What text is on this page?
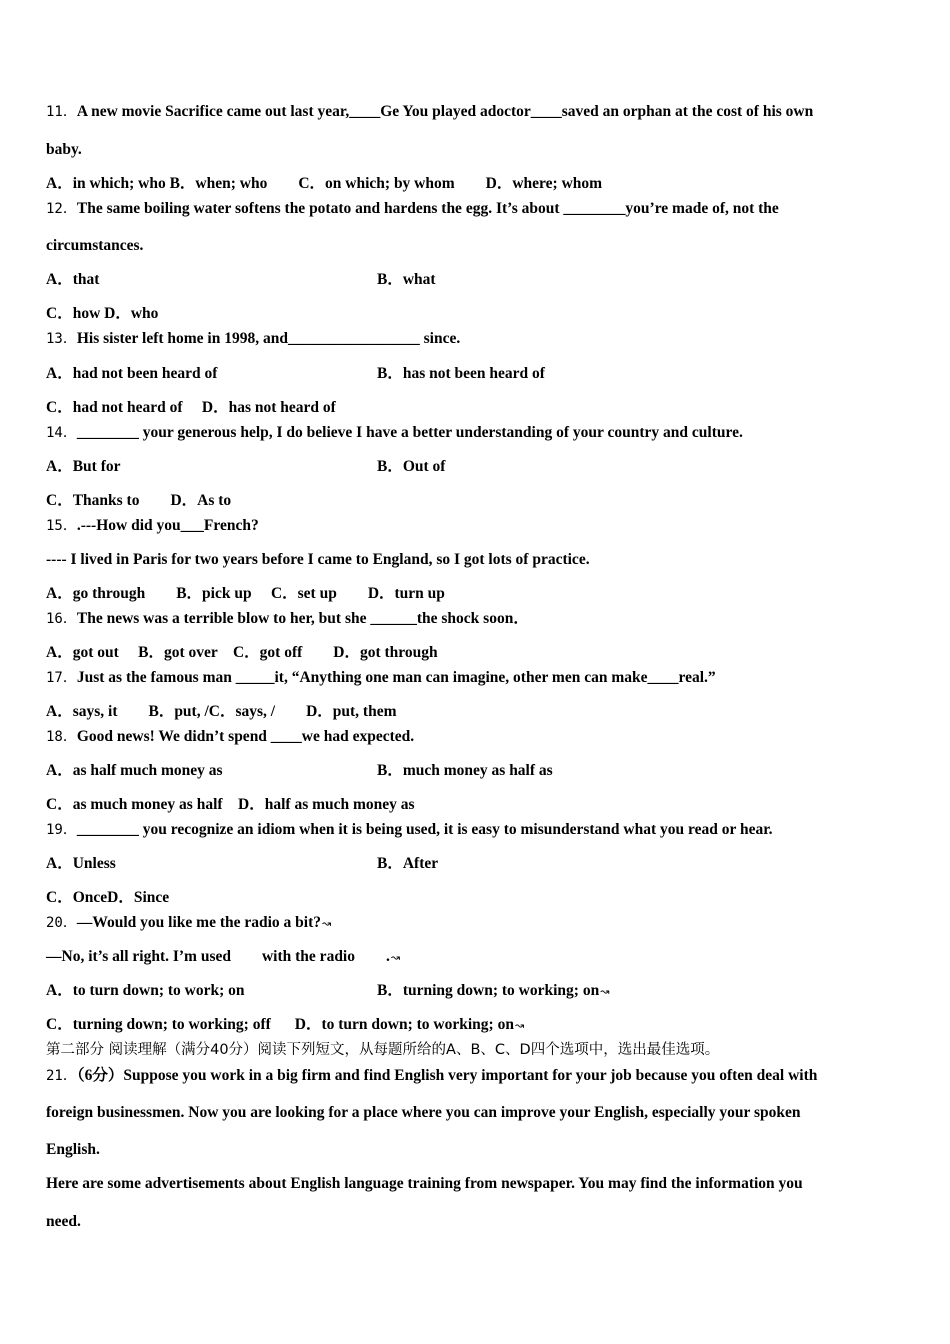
11．A new movie Sacrifice came out last year,____Ge You played adoctor____saved an orphan at the cost of his own
baby.
A．in which; who B．when; who　　C．on which; by whom　　D．where; whom
12．The same boiling water softens the potato and hardens the egg. It’s about ________you’re made of, not the
circumstances.
A．that	B．what
C．how D．who
13．His sister left home in 1998, and_________________ since.
A．had not been heard of	B．has not been heard of
C．had not heard of　 D．has not heard of
14．________ your generous help, I do believe I have a better understanding of your country and culture.
A．But for	B．Out of
C．Thanks to　　D．As to
15．.---How did you___French?
---- I lived in Paris for two years before I came to England, so I got lots of practice.
A．go through　　B．pick up　 C．set up　　D．turn up
16．The news was a terrible blow to her, but she ______the shock soon．
A．got out　 B．got over　C．got off　　D．got through
17．Just as the famous man _____it, “Anything one man can imagine, other men can make____real.”
A．says, it　　B．put, /C．says, /　　D．put, them
18．Good news! We didn’t spend ____we had expected.
A．as half much money as	B．much money as half as
C．as much money as half　D．half as much money as
19．________ you recognize an idiom when it is being used, it is easy to misunderstand what you read or hear.
A．Unless	B．After
C．OnceD．Since
20．—Would you like me the radio a bit?↝
—No, it’s all right. I’m used　　with the radio　　.↝
A．to turn down; to work; on	B．turning down; to working; on↝
C．turning down; to working; off D．to turn down; to working; on↝
第二部分 阅读理解（满分40分）阅读下列短文，从每题所给的A、B、C、D四个选项中，选出最佳选项。
21．（6分）Suppose you work in a big firm and find English very important for your job because you often deal with
foreign businessmen. Now you are looking for a place where you can improve your English, especially your spoken
English.
Here are some advertisements about English language training from newspaper. You may find the information you
need.
